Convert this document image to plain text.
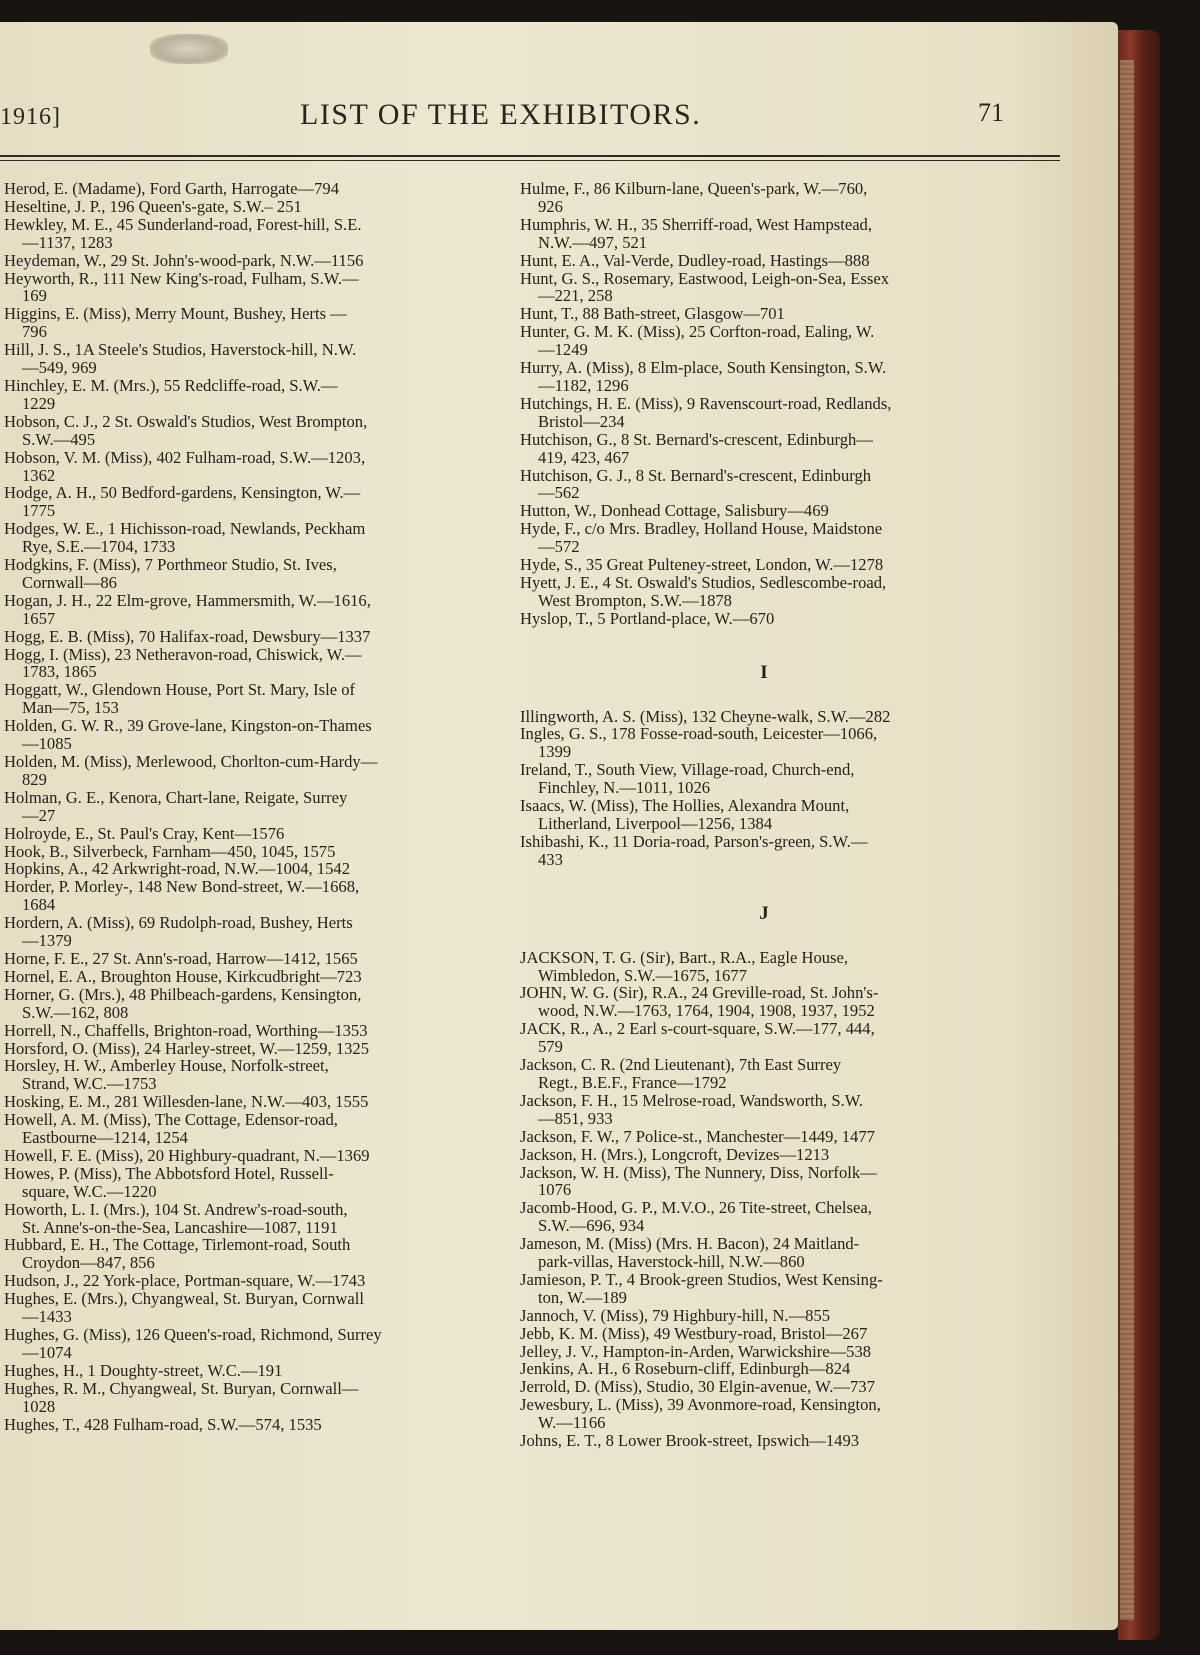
1916]	LIST OF THE EXHIBITORS.	71
Herod, E. (Madame), Ford Garth, Harrogate—794
Heseltine, J. P., 196 Queen's-gate, S.W.– 251
Hewkley, M. E., 45 Sunderland-road, Forest-hill, S.E.
—1137, 1283
Heydeman, W., 29 St. John's-wood-park, N.W.—1156
Heyworth, R., 111 New King's-road, Fulham, S.W.—
169
Higgins, E. (Miss), Merry Mount, Bushey, Herts —
796
Hill, J. S., 1A Steele's Studios, Haverstock-hill, N.W.
—549, 969
Hinchley, E. M. (Mrs.), 55 Redcliffe-road, S.W.—
1229
Hobson, C. J., 2 St. Oswald's Studios, West Brompton,
S.W.—495
Hobson, V. M. (Miss), 402 Fulham-road, S.W.—1203,
1362
Hodge, A. H., 50 Bedford-gardens, Kensington, W.—
1775
Hodges, W. E., 1 Hichisson-road, Newlands, Peckham
Rye, S.E.—1704, 1733
Hodgkins, F. (Miss), 7 Porthmeor Studio, St. Ives,
Cornwall—86
Hogan, J. H., 22 Elm-grove, Hammersmith, W.—1616,
1657
Hogg, E. B. (Miss), 70 Halifax-road, Dewsbury—1337
Hogg, I. (Miss), 23 Netheravon-road, Chiswick, W.—
1783, 1865
Hoggatt, W., Glendown House, Port St. Mary, Isle of
Man—75, 153
Holden, G. W. R., 39 Grove-lane, Kingston-on-Thames
—1085
Holden, M. (Miss), Merlewood, Chorlton-cum-Hardy—
829
Holman, G. E., Kenora, Chart-lane, Reigate, Surrey
—27
Holroyde, E., St. Paul's Cray, Kent—1576
Hook, B., Silverbeck, Farnham—450, 1045, 1575
Hopkins, A., 42 Arkwright-road, N.W.—1004, 1542
Horder, P. Morley-, 148 New Bond-street, W.—1668,
1684
Hordern, A. (Miss), 69 Rudolph-road, Bushey, Herts
—1379
Horne, F. E., 27 St. Ann's-road, Harrow—1412, 1565
Hornel, E. A., Broughton House, Kirkcudbright—723
Horner, G. (Mrs.), 48 Philbeach-gardens, Kensington,
S.W.—162, 808
Horrell, N., Chaffells, Brighton-road, Worthing—1353
Horsford, O. (Miss), 24 Harley-street, W.—1259, 1325
Horsley, H. W., Amberley House, Norfolk-street,
Strand, W.C.—1753
Hosking, E. M., 281 Willesden-lane, N.W.—403, 1555
Howell, A. M. (Miss), The Cottage, Edensor-road,
Eastbourne—1214, 1254
Howell, F. E. (Miss), 20 Highbury-quadrant, N.—1369
Howes, P. (Miss), The Abbotsford Hotel, Russell-
square, W.C.—1220
Howorth, L. I. (Mrs.), 104 St. Andrew's-road-south,
St. Anne's-on-the-Sea, Lancashire—1087, 1191
Hubbard, E. H., The Cottage, Tirlemont-road, South
Croydon—847, 856
Hudson, J., 22 York-place, Portman-square, W.—1743
Hughes, E. (Mrs.), Chyangweal, St. Buryan, Cornwall
—1433
Hughes, G. (Miss), 126 Queen's-road, Richmond, Surrey
—1074
Hughes, H., 1 Doughty-street, W.C.—191
Hughes, R. M., Chyangweal, St. Buryan, Cornwall—
1028
Hughes, T., 428 Fulham-road, S.W.—574, 1535
Hulme, F., 86 Kilburn-lane, Queen's-park, W.—760,
926
Humphris, W. H., 35 Sherriff-road, West Hampstead,
N.W.—497, 521
Hunt, E. A., Val-Verde, Dudley-road, Hastings—888
Hunt, G. S., Rosemary, Eastwood, Leigh-on-Sea, Essex
—221, 258
Hunt, T., 88 Bath-street, Glasgow—701
Hunter, G. M. K. (Miss), 25 Corfton-road, Ealing, W.
—1249
Hurry, A. (Miss), 8 Elm-place, South Kensington, S.W.
—1182, 1296
Hutchings, H. E. (Miss), 9 Ravenscourt-road, Redlands,
Bristol—234
Hutchison, G., 8 St. Bernard's-crescent, Edinburgh—
419, 423, 467
Hutchison, G. J., 8 St. Bernard's-crescent, Edinburgh
—562
Hutton, W., Donhead Cottage, Salisbury—469
Hyde, F., c/o Mrs. Bradley, Holland House, Maidstone
—572
Hyde, S., 35 Great Pulteney-street, London, W.—1278
Hyett, J. E., 4 St. Oswald's Studios, Sedlescombe-road,
West Brompton, S.W.—1878
Hyslop, T., 5 Portland-place, W.—670
I
Illingworth, A. S. (Miss), 132 Cheyne-walk, S.W.—282
Ingles, G. S., 178 Fosse-road-south, Leicester—1066,
1399
Ireland, T., South View, Village-road, Church-end,
Finchley, N.—1011, 1026
Isaacs, W. (Miss), The Hollies, Alexandra Mount,
Litherland, Liverpool—1256, 1384
Ishibashi, K., 11 Doria-road, Parson's-green, S.W.—
433
J
JACKSON, T. G. (Sir), Bart., R.A., Eagle House,
Wimbledon, S.W.—1675, 1677
JOHN, W. G. (Sir), R.A., 24 Greville-road, St. John's-
wood, N.W.—1763, 1764, 1904, 1908, 1937, 1952
JACK, R., A., 2 Earl s-court-square, S.W.—177, 444,
579
Jackson, C. R. (2nd Lieutenant), 7th East Surrey
Regt., B.E.F., France—1792
Jackson, F. H., 15 Melrose-road, Wandsworth, S.W.
—851, 933
Jackson, F. W., 7 Police-st., Manchester—1449, 1477
Jackson, H. (Mrs.), Longcroft, Devizes—1213
Jackson, W. H. (Miss), The Nunnery, Diss, Norfolk—
1076
Jacomb-Hood, G. P., M.V.O., 26 Tite-street, Chelsea,
S.W.—696, 934
Jameson, M. (Miss) (Mrs. H. Bacon), 24 Maitland-
park-villas, Haverstock-hill, N.W.—860
Jamieson, P. T., 4 Brook-green Studios, West Kensing-
ton, W.—189
Jannoch, V. (Miss), 79 Highbury-hill, N.—855
Jebb, K. M. (Miss), 49 Westbury-road, Bristol—267
Jelley, J. V., Hampton-in-Arden, Warwickshire—538
Jenkins, A. H., 6 Roseburn-cliff, Edinburgh—824
Jerrold, D. (Miss), Studio, 30 Elgin-avenue, W.—737
Jewesbury, L. (Miss), 39 Avonmore-road, Kensington,
W.—1166
Johns, E. T., 8 Lower Brook-street, Ipswich—1493
